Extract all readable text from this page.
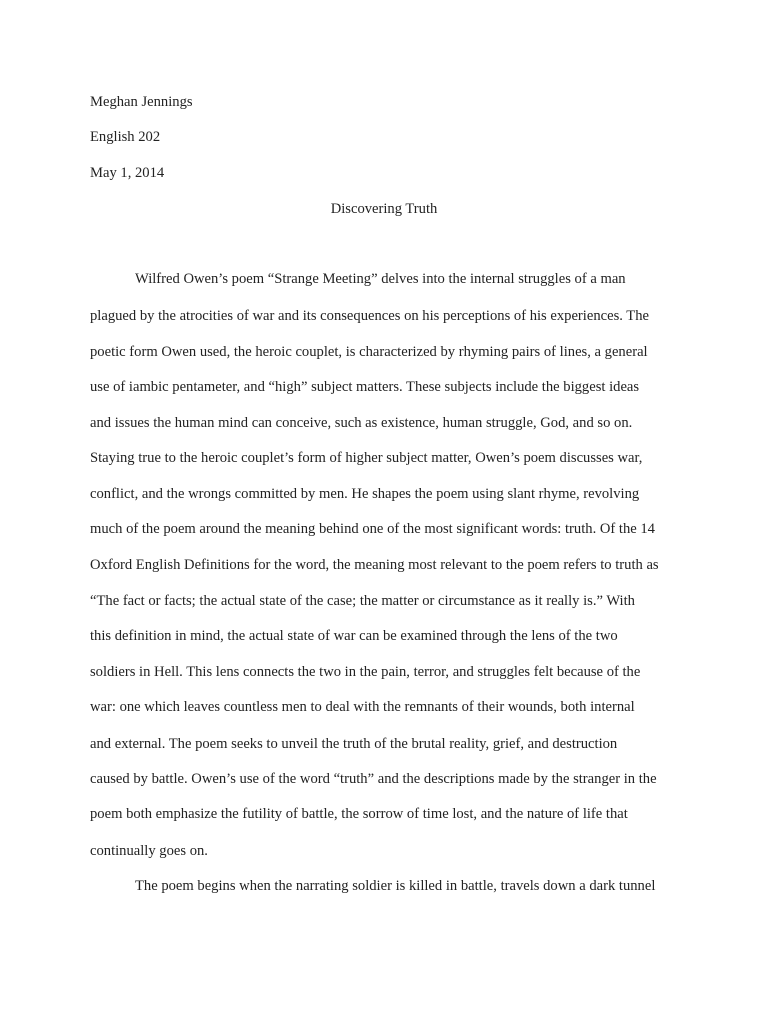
Meghan Jennings
English 202
May 1, 2014
Discovering Truth
Wilfred Owen’s poem “Strange Meeting” delves into the internal struggles of a man
plagued by the atrocities of war and its consequences on his perceptions of his experiences. The
poetic form Owen used, the heroic couplet, is characterized by rhyming pairs of lines, a general
use of iambic pentameter, and “high” subject matters. These subjects include the biggest ideas
and issues the human mind can conceive, such as existence, human struggle, God, and so on.
Staying true to the heroic couplet’s form of higher subject matter, Owen’s poem discusses war,
conflict, and the wrongs committed by men. He shapes the poem using slant rhyme, revolving
much of the poem around the meaning behind one of the most significant words: truth. Of the 14
Oxford English Definitions for the word, the meaning most relevant to the poem refers to truth as
“The fact or facts; the actual state of the case; the matter or circumstance as it really is.” With
this definition in mind, the actual state of war can be examined through the lens of the two
soldiers in Hell. This lens connects the two in the pain, terror, and struggles felt because of the
war: one which leaves countless men to deal with the remnants of their wounds, both internal
and external. The poem seeks to unveil the truth of the brutal reality, grief, and destruction
caused by battle. Owen’s use of the word “truth” and the descriptions made by the stranger in the
poem both emphasize the futility of battle, the sorrow of time lost, and the nature of life that
continually goes on.
The poem begins when the narrating soldier is killed in battle, travels down a dark tunnel
